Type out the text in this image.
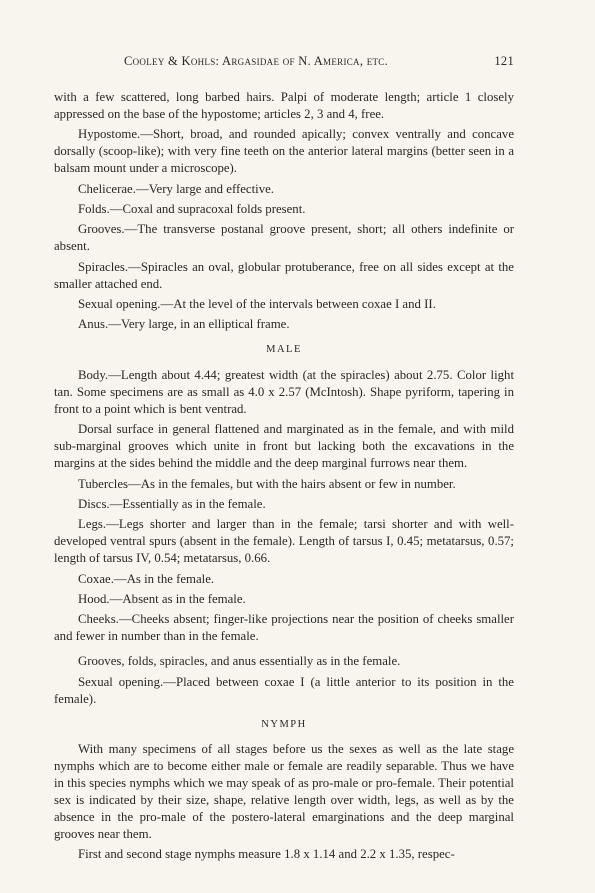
Cooley & Kohls: Argasidae of N. America, etc.	121

with a few scattered, long barbed hairs. Palpi of moderate length; article 1 closely appressed on the base of the hypostome; articles 2, 3 and 4, free.

Hypostome.—Short, broad, and rounded apically; convex ventrally and concave dorsally (scoop-like); with very fine teeth on the anterior lateral margins (better seen in a balsam mount under a microscope).

Chelicerae.—Very large and effective.

Folds.—Coxal and supracoxal folds present.

Grooves.—The transverse postanal groove present, short; all others indefinite or absent.

Spiracles.—Spiracles an oval, globular protuberance, free on all sides except at the smaller attached end.

Sexual opening.—At the level of the intervals between coxae I and II.

Anus.—Very large, in an elliptical frame.

MALE

Body.—Length about 4.44; greatest width (at the spiracles) about 2.75. Color light tan. Some specimens are as small as 4.0 x 2.57 (McIntosh). Shape pyriform, tapering in front to a point which is bent ventrad.

Dorsal surface in general flattened and marginated as in the female, and with mild sub-marginal grooves which unite in front but lacking both the excavations in the margins at the sides behind the middle and the deep marginal furrows near them.

Tubercles—As in the females, but with the hairs absent or few in number.

Discs.—Essentially as in the female.

Legs.—Legs shorter and larger than in the female; tarsi shorter and with well-developed ventral spurs (absent in the female). Length of tarsus I, 0.45; metatarsus, 0.57; length of tarsus IV, 0.54; metatarsus, 0.66.

Coxae.—As in the female.

Hood.—Absent as in the female.

Cheeks.—Cheeks absent; finger-like projections near the position of cheeks smaller and fewer in number than in the female.

Grooves, folds, spiracles, and anus essentially as in the female.

Sexual opening.—Placed between coxae I (a little anterior to its position in the female).

NYMPH

With many specimens of all stages before us the sexes as well as the late stage nymphs which are to become either male or female are readily separable. Thus we have in this species nymphs which we may speak of as pro-male or pro-female. Their potential sex is indicated by their size, shape, relative length over width, legs, as well as by the absence in the pro-male of the postero-lateral emarginations and the deep marginal grooves near them.

First and second stage nymphs measure 1.8 x 1.14 and 2.2 x 1.35, respec-
